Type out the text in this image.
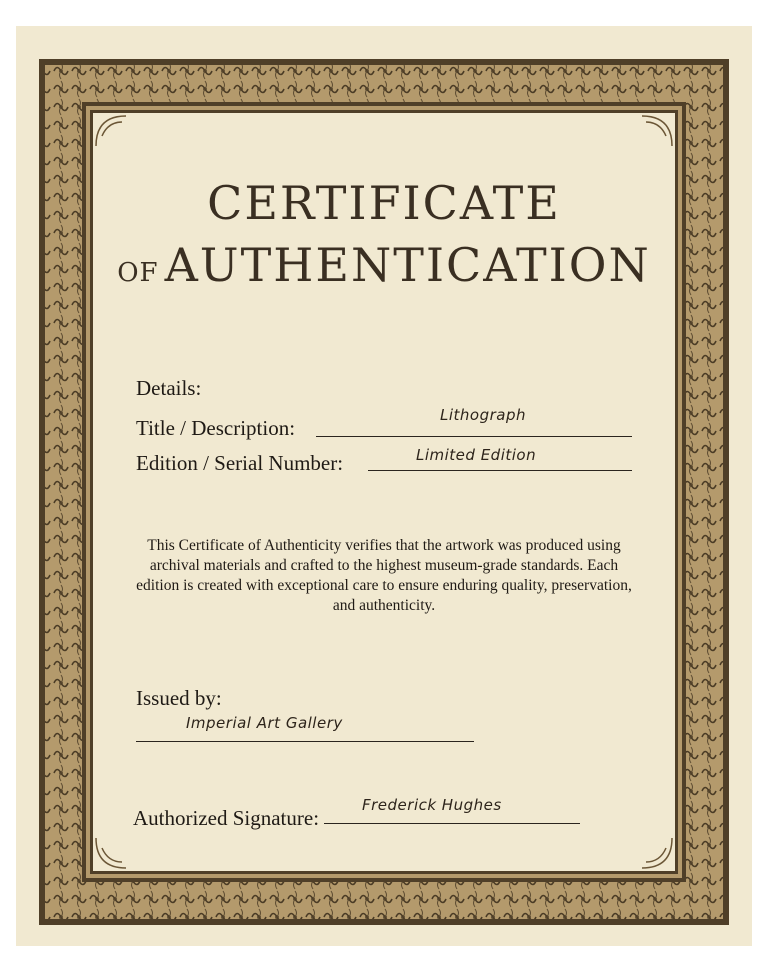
CERTIFICATE
OF AUTHENTICATION
Details:
Title / Description:
Lithograph
Edition / Serial Number:	Limited Edition
This Certificate of Authenticity verifies that the artwork was produced using archival materials and crafted to the highest museum-grade standards. Each edition is created with exceptional care to ensure enduring quality, preservation, and authenticity.
Issued by:
Imperial Art Gallery
Authorized Signature:
Frederick Hughes
